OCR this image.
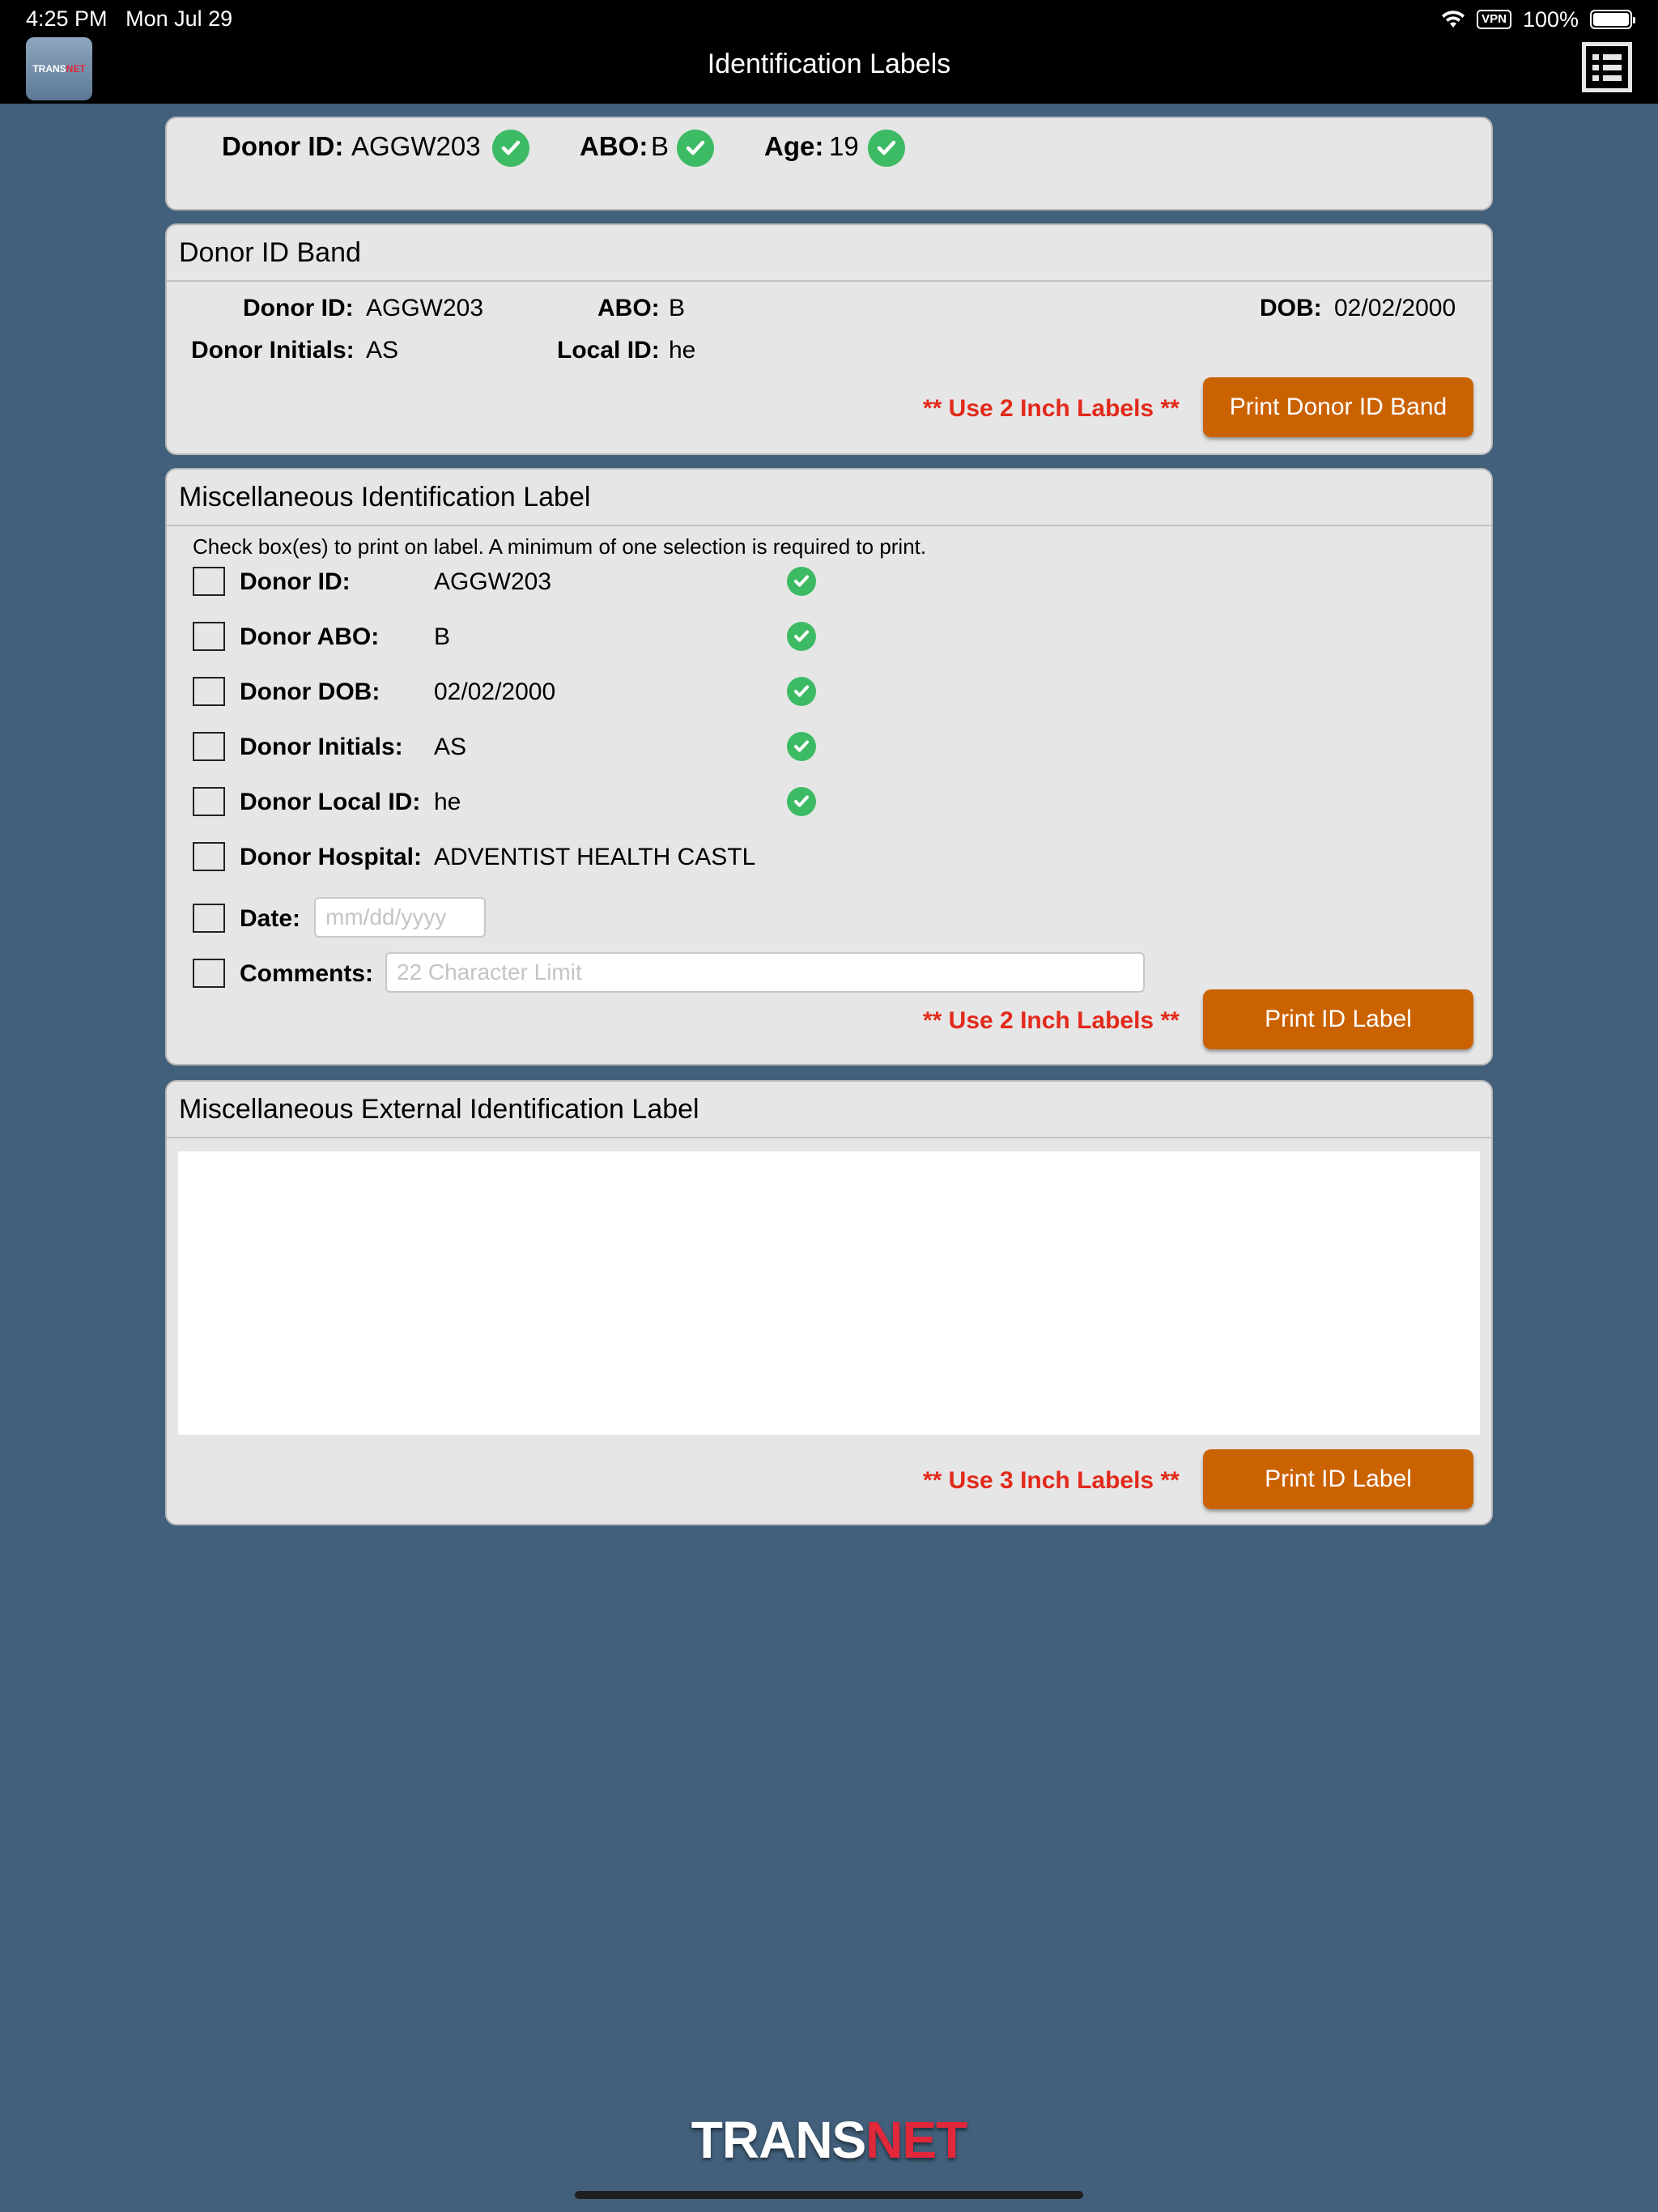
4:25 PM Mon Jul 29	VPN 100%
TRANS NET	Identification Labels
Donor ID: AGGW203	ABO: B	Age: 19
Donor ID Band
Donor ID: AGGW203	ABO: B	DOB: 02/02/2000
Donor Initials: AS	Local ID: he
** Use 2 Inch Labels **	Print Donor ID Band
Miscellaneous Identification Label
Check box(es) to print on label. A minimum of one selection is required to print.
Donor ID:	AGGW203
Donor ABO: B
Donor DOB: 02/02/2000
Donor Initials: AS
Donor Local ID: he
Donor Hospital: ADVENTIST HEALTH CASTL
Date:
mm/dd/yyyy
Comments:
22 Character Limit
** Use 2 Inch Labels **	Print ID Label
Miscellaneous External Identification Label
** Use 3 Inch Labels **	Print ID Label
TRANSNET
